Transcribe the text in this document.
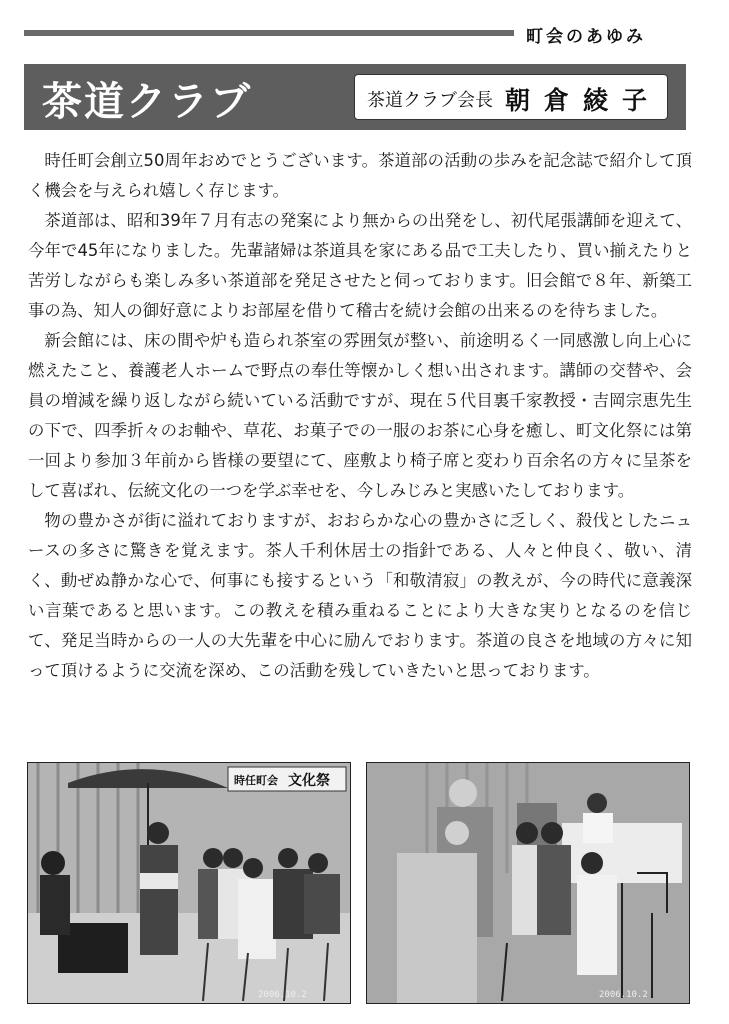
町会のあゆみ
茶道クラブ	茶道クラブ会長 朝倉綾子

時任町会創立50周年おめでとうございます。茶道部の活動の歩みを記念誌で紹介して頂く機会を与えられ嬉しく存じます。

茶道部は、昭和39年７月有志の発案により無からの出発をし、初代尾張講師を迎えて、今年で45年になりました。先輩諸婦は茶道具を家にある品で工夫したり、買い揃えたりと苦労しながらも楽しみ多い茶道部を発足させたと伺っております。旧会館で８年、新築工事の為、知人の御好意によりお部屋を借りて稽古を続け会館の出来るのを待ちました。

新会館には、床の間や炉も造られ茶室の雰囲気が整い、前途明るく一同感激し向上心に燃えたこと、養護老人ホームで野点の奉仕等懐かしく想い出されます。講師の交替や、会員の増減を繰り返しながら続いている活動ですが、現在５代目裏千家教授・吉岡宗恵先生の下で、四季折々のお軸や、草花、お菓子での一服のお茶に心身を癒し、町文化祭には第一回より参加３年前から皆様の要望にて、座敷より椅子席と変わり百余名の方々に呈茶をして喜ばれ、伝統文化の一つを学ぶ幸せを、今しみじみと実感いたしております。

物の豊かさが街に溢れておりますが、おおらかな心の豊かさに乏しく、殺伐としたニュースの多さに驚きを覚えます。茶人千利休居士の指針である、人々と仲良く、敬い、清く、動ぜぬ静かな心で、何事にも接するという「和敬清寂」の教えが、今の時代に意義深い言葉であると思います。この教えを積み重ねることにより大きな実りとなるのを信じて、発足当時からの一人の大先輩を中心に励んでおります。茶道の良さを地域の方々に知って頂けるように交流を深め、この活動を残していきたいと思っております。

時任町会 文化祭
2006.10.2	2006.10.2
